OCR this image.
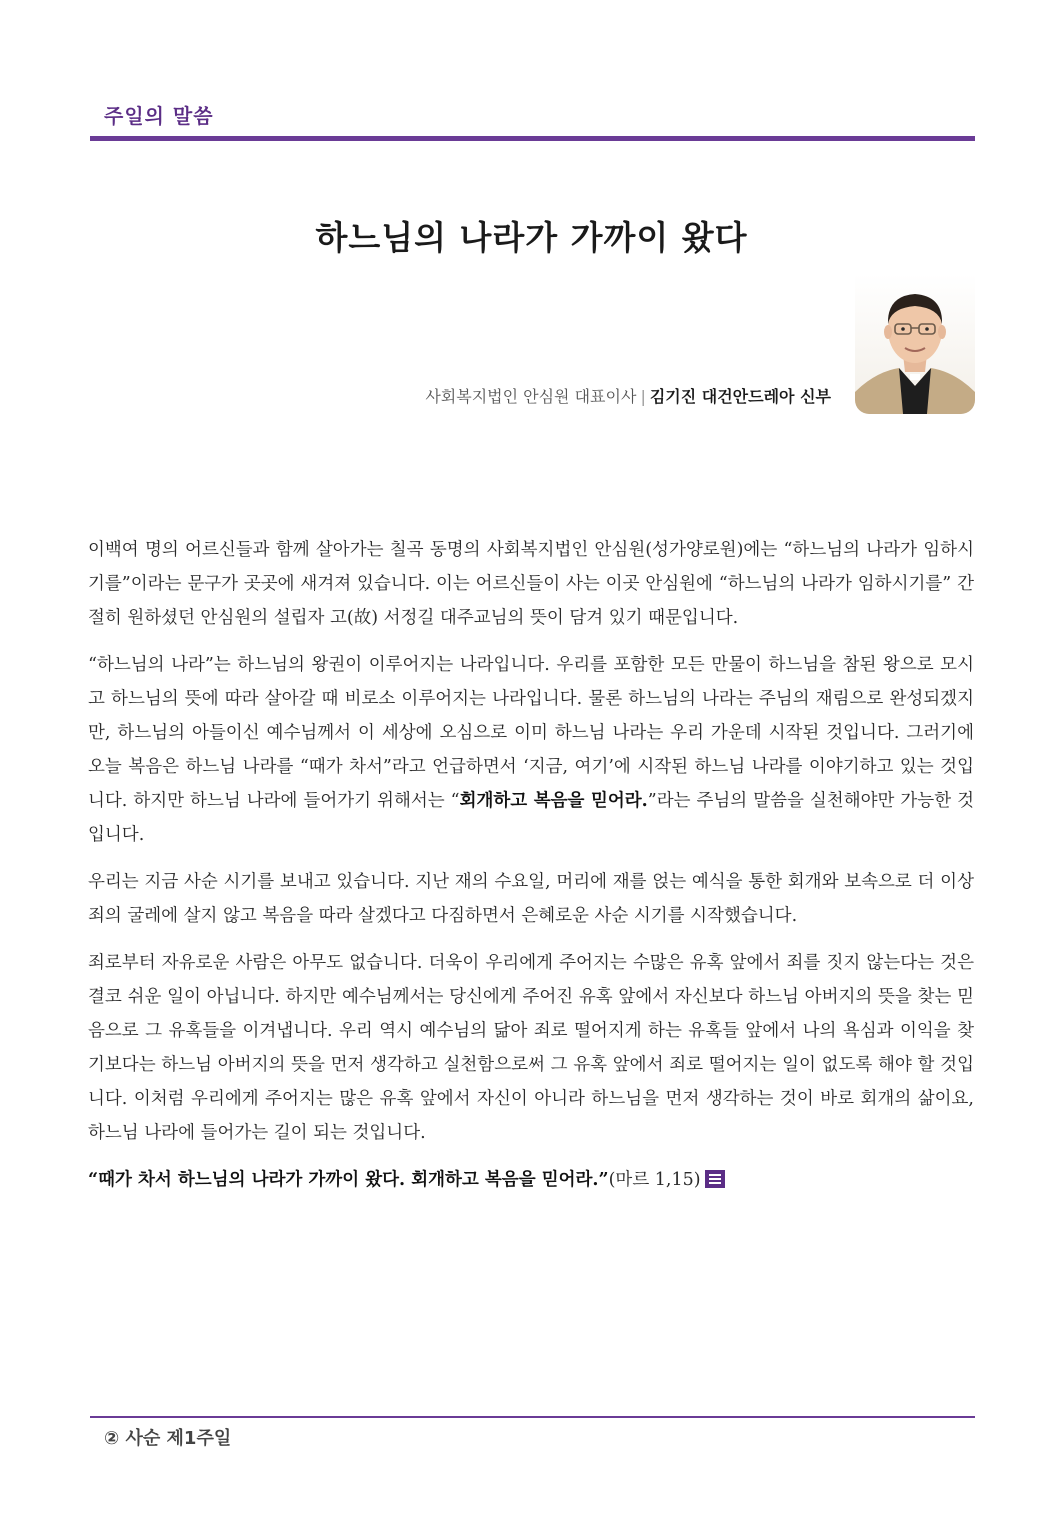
주일의 말씀
하느님의 나라가 가까이 왔다
사회복지법인 안심원 대표이사 | 김기진 대건안드레아 신부

이백여 명의 어르신들과 함께 살아가는 칠곡 동명의 사회복지법인 안심원(성가양로원)에는 “하느님의 나라가 임하시기를”이라는 문구가 곳곳에 새겨져 있습니다. 이는 어르신들이 사는 이곳 안심원에 “하느님의 나라가 임하시기를” 간절히 원하셨던 안심원의 설립자 고(故) 서정길 대주교님의 뜻이 담겨 있기 때문입니다.

“하느님의 나라”는 하느님의 왕권이 이루어지는 나라입니다. 우리를 포함한 모든 만물이 하느님을 참된 왕으로 모시고 하느님의 뜻에 따라 살아갈 때 비로소 이루어지는 나라입니다. 물론 하느님의 나라는 주님의 재림으로 완성되겠지만, 하느님의 아들이신 예수님께서 이 세상에 오심으로 이미 하느님 나라는 우리 가운데 시작된 것입니다. 그러기에 오늘 복음은 하느님 나라를 “때가 차서”라고 언급하면서 ‘지금, 여기’에 시작된 하느님 나라를 이야기하고 있는 것입니다. 하지만 하느님 나라에 들어가기 위해서는 “회개하고 복음을 믿어라.”라는 주님의 말씀을 실천해야만 가능한 것입니다.

우리는 지금 사순 시기를 보내고 있습니다. 지난 재의 수요일, 머리에 재를 얹는 예식을 통한 회개와 보속으로 더 이상 죄의 굴레에 살지 않고 복음을 따라 살겠다고 다짐하면서 은혜로운 사순 시기를 시작했습니다.

죄로부터 자유로운 사람은 아무도 없습니다. 더욱이 우리에게 주어지는 수많은 유혹 앞에서 죄를 짓지 않는다는 것은 결코 쉬운 일이 아닙니다. 하지만 예수님께서는 당신에게 주어진 유혹 앞에서 자신보다 하느님 아버지의 뜻을 찾는 믿음으로 그 유혹들을 이겨냅니다. 우리 역시 예수님의 닮아 죄로 떨어지게 하는 유혹들 앞에서 나의 욕심과 이익을 찾기보다는 하느님 아버지의 뜻을 먼저 생각하고 실천함으로써 그 유혹 앞에서 죄로 떨어지는 일이 없도록 해야 할 것입니다. 이처럼 우리에게 주어지는 많은 유혹 앞에서 자신이 아니라 하느님을 먼저 생각하는 것이 바로 회개의 삶이요, 하느님 나라에 들어가는 길이 되는 것입니다.

“때가 차서 하느님의 나라가 가까이 왔다. 회개하고 복음을 믿어라.”(마르 1,15)

② 사순 제1주일
